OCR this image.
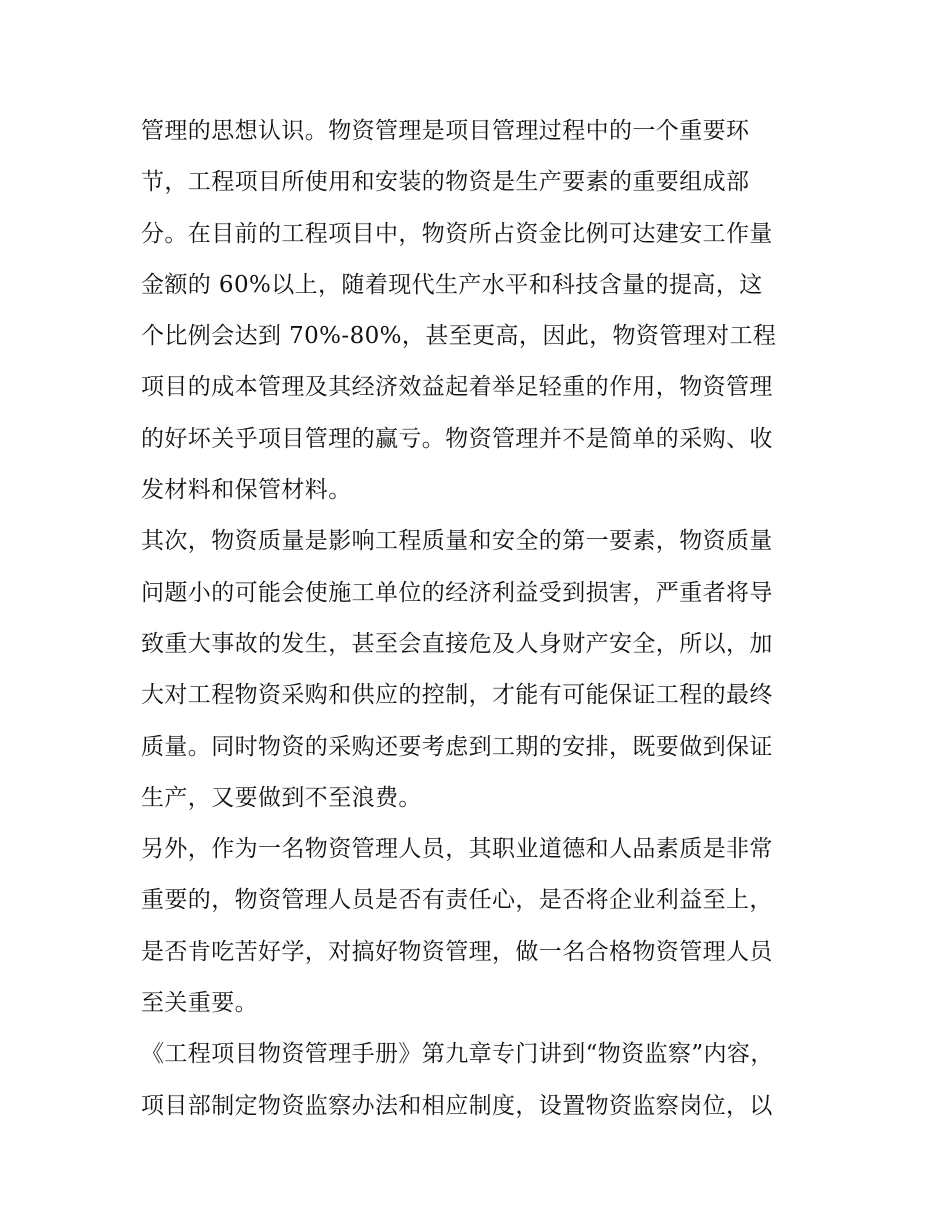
管理的思想认识。物资管理是项目管理过程中的一个重要环
节，工程项目所使用和安装的物资是生产要素的重要组成部
分。在目前的工程项目中，物资所占资金比例可达建安工作量
金额的 60%以上，随着现代生产水平和科技含量的提高，这
个比例会达到 70%-80%，甚至更高，因此，物资管理对工程
项目的成本管理及其经济效益起着举足轻重的作用，物资管理
的好坏关乎项目管理的赢亏。物资管理并不是简单的采购、收
发材料和保管材料。
其次，物资质量是影响工程质量和安全的第一要素，物资质量
问题小的可能会使施工单位的经济利益受到损害，严重者将导
致重大事故的发生，甚至会直接危及人身财产安全，所以，加
大对工程物资采购和供应的控制，才能有可能保证工程的最终
质量。同时物资的采购还要考虑到工期的安排，既要做到保证
生产，又要做到不至浪费。
另外，作为一名物资管理人员，其职业道德和人品素质是非常
重要的，物资管理人员是否有责任心，是否将企业利益至上，
是否肯吃苦好学，对搞好物资管理，做一名合格物资管理人员
至关重要。
《工程项目物资管理手册》第九章专门讲到“物资监察”内容，
项目部制定物资监察办法和相应制度，设置物资监察岗位，以
